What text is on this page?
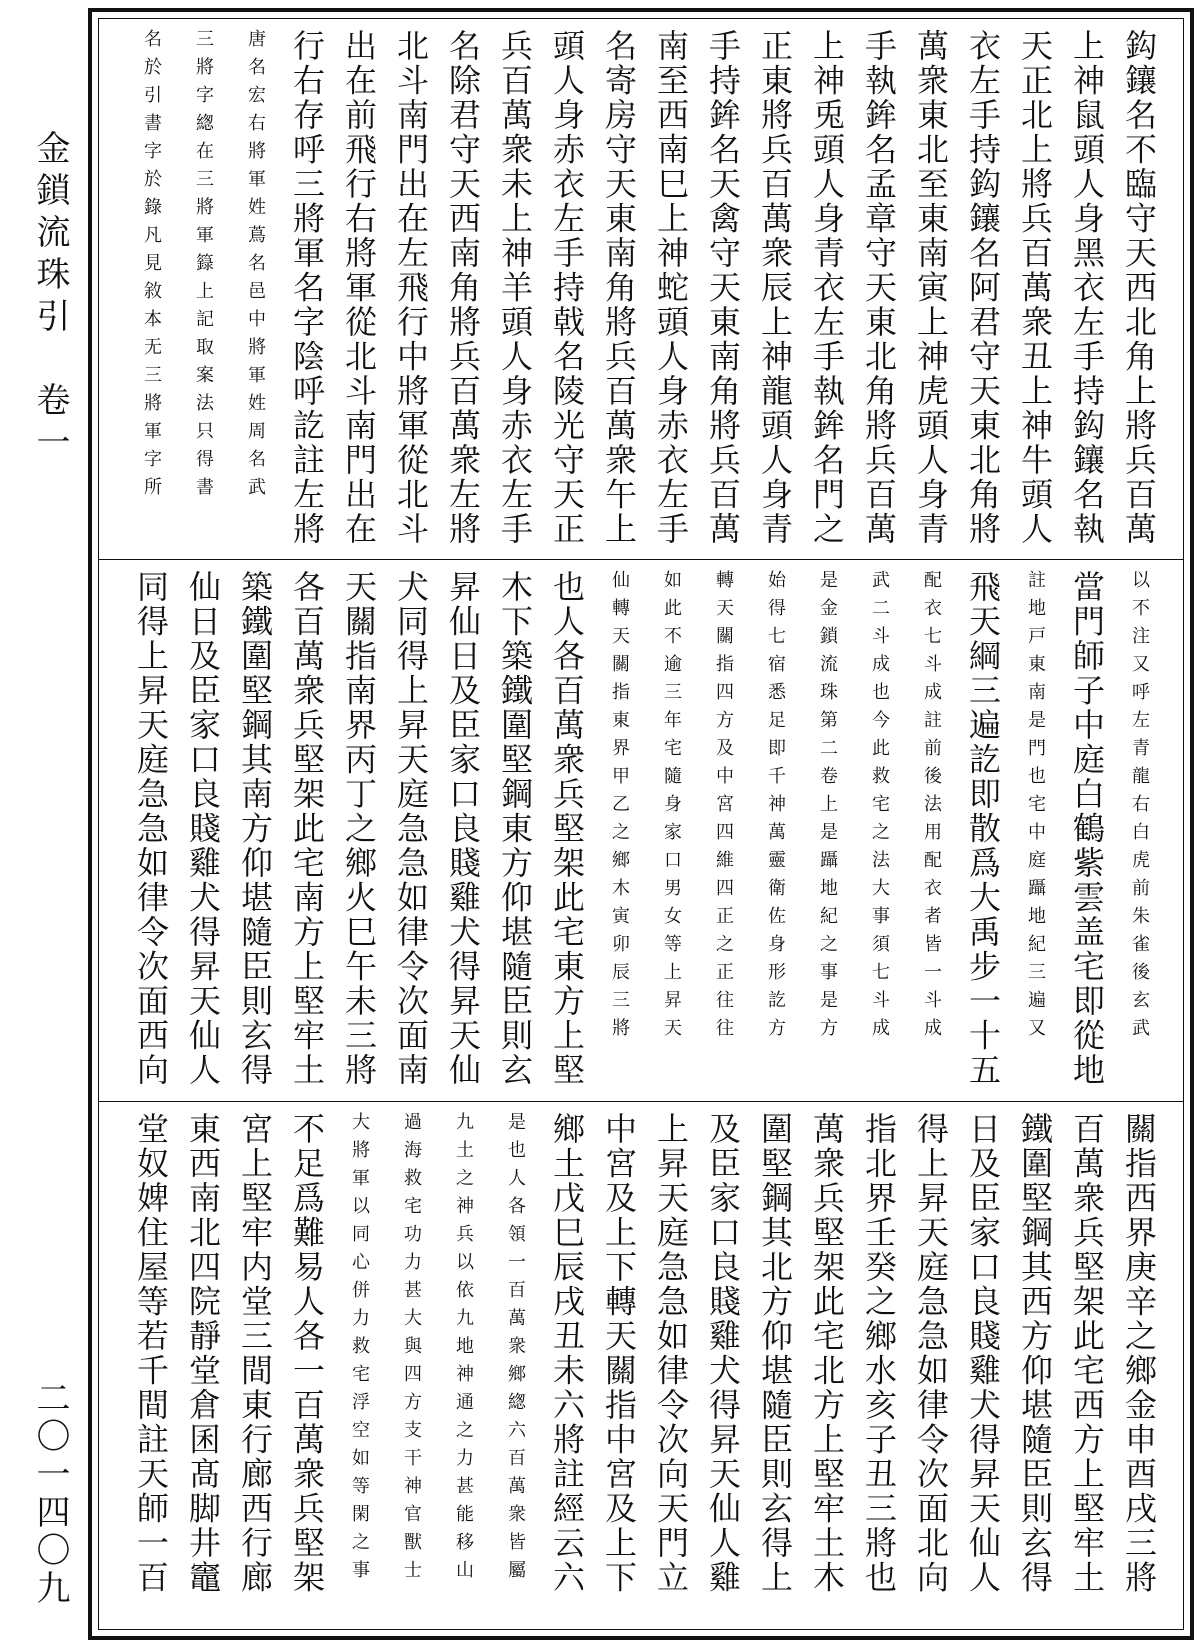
金鎖流珠引　卷一
二〇一四〇九
鈎鑲名不臨守天西北角上將兵百萬
上神鼠頭人身黑衣左手持鈎鑲名執
天正北上將兵百萬衆丑上神牛頭人
衣左手持鈎鑲名阿君守天東北角將
萬衆東北至東南寅上神虎頭人身青
手執鉾名孟章守天東北角將兵百萬
上神兎頭人身青衣左手執鉾名門之
正東將兵百萬衆辰上神龍頭人身青
手持鉾名天禽守天東南角將兵百萬
南至西南巳上神蛇頭人身赤衣左手
名寄房守天東南角將兵百萬衆午上
頭人身赤衣左手持戟名陵光守天正
兵百萬衆未上神羊頭人身赤衣左手
名除君守天西南角將兵百萬衆左將
北斗南門出在左飛行中將軍從北斗
出在前飛行右將軍從北斗南門出在
行右存呼三將軍名字陰呼訖註左將
唐名宏右將軍姓蔦名邑中將軍姓周名武
三將字緫在三將軍籙上記取案法只得書
名於引書字於錄凡見敘本无三將軍字所
以不注又呼左青龍右白虎前朱雀後玄武
當門師子中庭白鶴紫雲盖宅即從地
註地戸東南是門也宅中庭躡地紀三遍又
飛天綱三遍訖即散爲大禹步一十五
配衣七斗成註前後法用配衣者皆一斗成
武二斗成也今此救宅之法大事須七斗成
是金鎖流珠第二卷上是躡地紀之事是方
始得七宿悉足即千神萬靈衛佐身形訖方
轉天關指四方及中宮四維四正之正往往
如此不逾三年宅隨身家口男女等上昇天
仙轉天關指東界甲乙之鄉木寅卯辰三將
也人各百萬衆兵堅架此宅東方上堅
木下築鐵圍堅鋼東方仰堪隨臣則玄
昇仙日及臣家口良賤雞犬得昇天仙
犬同得上昇天庭急急如律令次面南
天關指南界丙丁之鄉火巳午未三將
各百萬衆兵堅架此宅南方上堅牢土
築鐵圍堅鋼其南方仰堪隨臣則玄得
仙日及臣家口良賤雞犬得昇天仙人
同得上昇天庭急急如律令次面西向
關指西界庚辛之鄉金申酉戌三將
百萬衆兵堅架此宅西方上堅牢土
鐵圍堅鋼其西方仰堪隨臣則玄得
日及臣家口良賤雞犬得昇天仙人
得上昇天庭急急如律令次面北向
指北界壬癸之鄉水亥子丑三將也
萬衆兵堅架此宅北方上堅牢土木
圍堅鋼其北方仰堪隨臣則玄得上
及臣家口良賤雞犬得昇天仙人雞
上昇天庭急急如律令次向天門立
中宮及上下轉天關指中宮及上下
鄉土戊巳辰戌丑未六將註經云六
是也人各領一百萬衆鄉緫六百萬衆皆屬
九土之神兵以依九地神通之力甚能移山
過海救宅功力甚大與四方支干神官獸士
大將軍以同心併力救宅浮空如等閑之事
不足爲難易人各一百萬衆兵堅架
宮上堅牢内堂三間東行廊西行廊
東西南北四院靜堂倉囷髙脚井竈
堂奴婢住屋等若千間註天師一百
